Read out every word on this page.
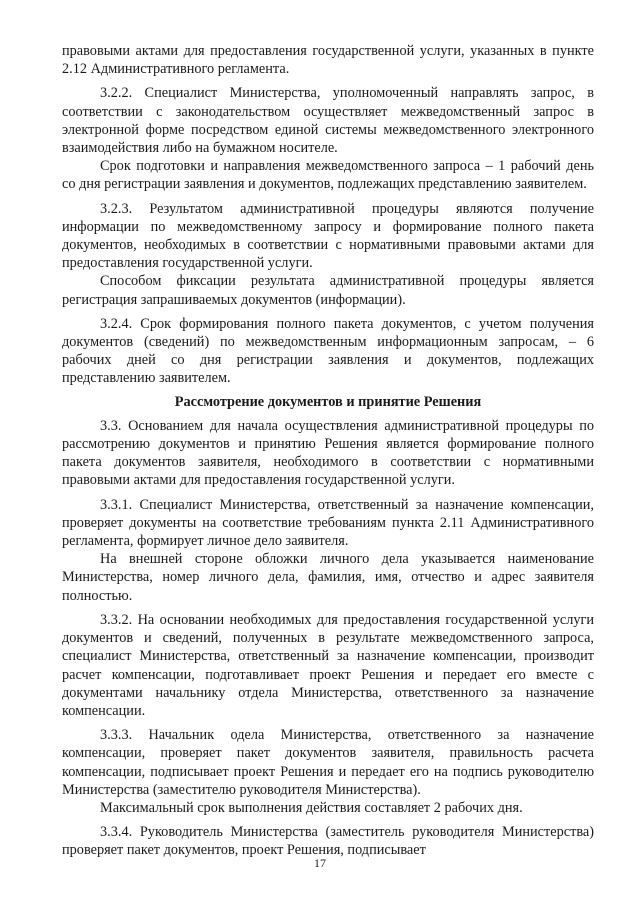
правовыми актами для предоставления государственной услуги, указанных в пункте 2.12 Административного регламента.

3.2.2. Специалист Министерства, уполномоченный направлять запрос, в соответствии с законодательством осуществляет межведомственный запрос в электронной форме посредством единой системы межведомственного электронного взаимодействия либо на бумажном носителе.

Срок подготовки и направления межведомственного запроса – 1 рабочий день со дня регистрации заявления и документов, подлежащих представлению заявителем.

3.2.3. Результатом административной процедуры являются получение информации по межведомственному запросу и формирование полного пакета документов, необходимых в соответствии с нормативными правовыми актами для предоставления государственной услуги.

Способом фиксации результата административной процедуры является регистрация запрашиваемых документов (информации).

3.2.4. Срок формирования полного пакета документов, с учетом получения документов (сведений) по межведомственным информационным запросам, – 6 рабочих дней со дня регистрации заявления и документов, подлежащих представлению заявителем.

Рассмотрение документов и принятие Решения

3.3. Основанием для начала осуществления административной процедуры по рассмотрению документов и принятию Решения является формирование полного пакета документов заявителя, необходимого в соответствии с нормативными правовыми актами для предоставления государственной услуги.

3.3.1. Специалист Министерства, ответственный за назначение компенсации, проверяет документы на соответствие требованиям пункта 2.11 Административного регламента, формирует личное дело заявителя.

На внешней стороне обложки личного дела указывается наименование Министерства, номер личного дела, фамилия, имя, отчество и адрес заявителя полностью.

3.3.2. На основании необходимых для предоставления государственной услуги документов и сведений, полученных в результате межведомственного запроса, специалист Министерства, ответственный за назначение компенсации, производит расчет компенсации, подготавливает проект Решения и передает его вместе с документами начальнику отдела Министерства, ответственного за назначение компенсации.

3.3.3. Начальник одела Министерства, ответственного за назначение компенсации, проверяет пакет документов заявителя, правильность расчета компенсации, подписывает проект Решения и передает его на подпись руководителю Министерства (заместителю руководителя Министерства).

Максимальный срок выполнения действия составляет 2 рабочих дня.

3.3.4. Руководитель Министерства (заместитель руководителя Министерства) проверяет пакет документов, проект Решения, подписывает

17
